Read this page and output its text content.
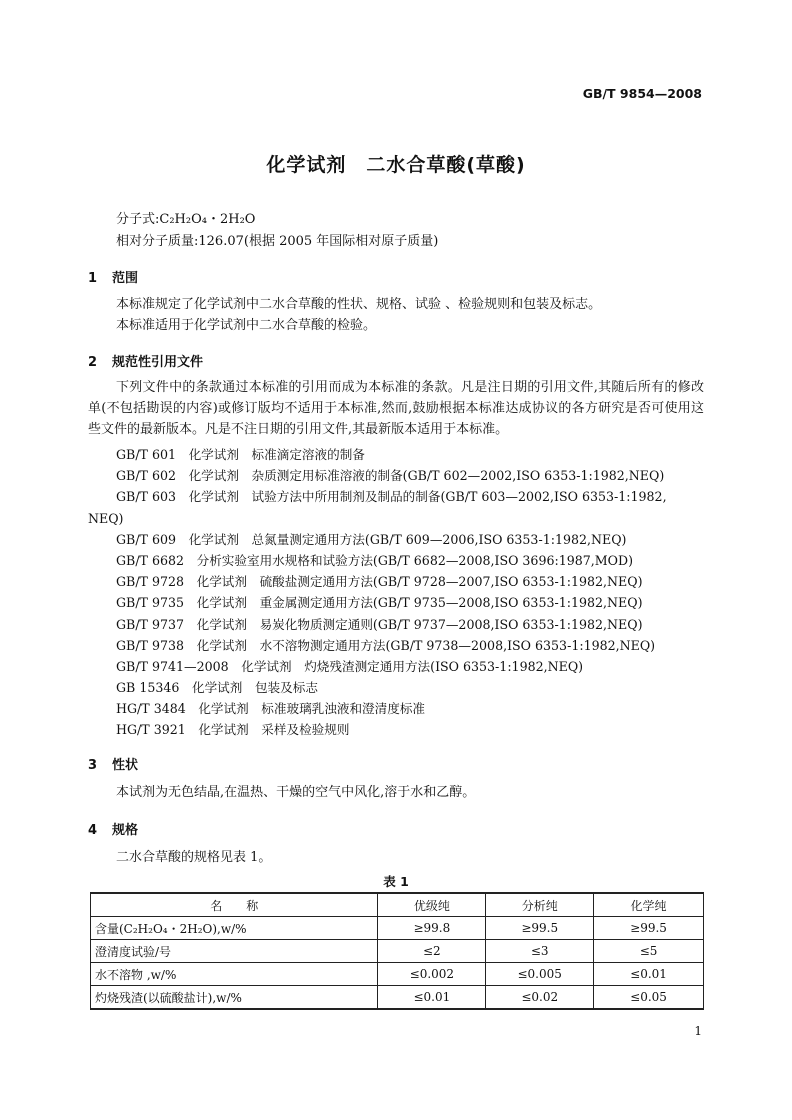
GB/T 9854—2008
化学试剂　二水合草酸(草酸)
分子式:C₂H₂O₄・2H₂O
相对分子质量:126.07(根据 2005 年国际相对原子质量)
1 范围
本标准规定了化学试剂中二水合草酸的性状、规格、试验 、检验规则和包装及标志。
本标准适用于化学试剂中二水合草酸的检验。
2 规范性引用文件
下列文件中的条款通过本标准的引用而成为本标准的条款。凡是注日期的引用文件,其随后所有的修改单(不包括勘误的内容)或修订版均不适用于本标准,然而,鼓励根据本标准达成协议的各方研究是否可使用这些文件的最新版本。凡是不注日期的引用文件,其最新版本适用于本标准。
GB/T 601　化学试剂　标准滴定溶液的制备
GB/T 602　化学试剂　杂质测定用标准溶液的制备(GB/T 602—2002,ISO 6353-1:1982,NEQ)
GB/T 603　化学试剂　试验方法中所用制剂及制品的制备(GB/T 603—2002,ISO 6353-1:1982,
NEQ)
GB/T 609　化学试剂　总氮量测定通用方法(GB/T 609—2006,ISO 6353-1:1982,NEQ)
GB/T 6682　分析实验室用水规格和试验方法(GB/T 6682—2008,ISO 3696:1987,MOD)
GB/T 9728　化学试剂　硫酸盐测定通用方法(GB/T 9728—2007,ISO 6353-1:1982,NEQ)
GB/T 9735　化学试剂　重金属测定通用方法(GB/T 9735—2008,ISO 6353-1:1982,NEQ)
GB/T 9737　化学试剂　易炭化物质测定通则(GB/T 9737—2008,ISO 6353-1:1982,NEQ)
GB/T 9738　化学试剂　水不溶物测定通用方法(GB/T 9738—2008,ISO 6353-1:1982,NEQ)
GB/T 9741—2008　化学试剂　灼烧残渣测定通用方法(ISO 6353-1:1982,NEQ)
GB 15346　化学试剂　包装及标志
HG/T 3484　化学试剂　标准玻璃乳浊液和澄清度标准
HG/T 3921　化学试剂　采样及检验规则
3 性状
本试剂为无色结晶,在温热、干燥的空气中风化,溶于水和乙醇。
4 规格
二水合草酸的规格见表 1。
表 1
名　　称	优级纯	分析纯	化学纯
含量(C₂H₂O₄・2H₂O),w/%	≥99.8	≥99.5	≥99.5
澄清度试验/号	≤2	≤3	≤5
水不溶物 ,w/%	≤0.002	≤0.005	≤0.01
灼烧残渣(以硫酸盐计),w/%	≤0.01	≤0.02	≤0.05
1
